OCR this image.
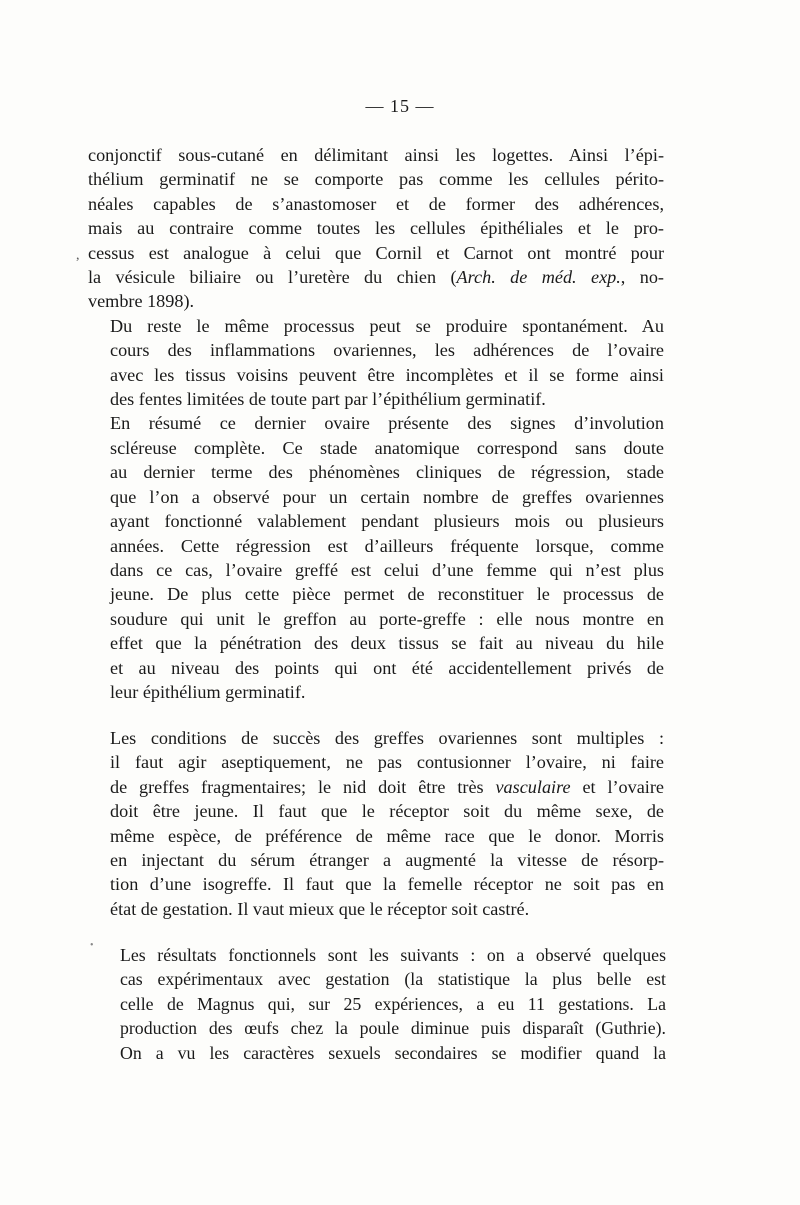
— 15 —
,

conjonctif sous-cutané en délimitant ainsi les logettes. Ainsi l’épi-
thélium germinatif ne se comporte pas comme les cellules périto-
néales capables de s’anastomoser et de former des adhérences,
mais au contraire comme toutes les cellules épithéliales et le pro-
cessus est analogue à celui que Cornil et Carnot ont montré pour
la vésicule biliaire ou l’uretère du chien (Arch. de méd. exp., no-
vembre 1898).

Du reste le même processus peut se produire spontanément. Au
cours des inflammations ovariennes, les adhérences de l’ovaire
avec les tissus voisins peuvent être incomplètes et il se forme ainsi
des fentes limitées de toute part par l’épithélium germinatif.

En résumé ce dernier ovaire présente des signes d’involution
scléreuse complète. Ce stade anatomique correspond sans doute
au dernier terme des phénomènes cliniques de régression, stade
que l’on a observé pour un certain nombre de greffes ovariennes
ayant fonctionné valablement pendant plusieurs mois ou plusieurs
années. Cette régression est d’ailleurs fréquente lorsque, comme
dans ce cas, l’ovaire greffé est celui d’une femme qui n’est plus
jeune. De plus cette pièce permet de reconstituer le processus de
soudure qui unit le greffon au porte-greffe : elle nous montre en
effet que la pénétration des deux tissus se fait au niveau du hile
et au niveau des points qui ont été accidentellement privés de
leur épithélium germinatif.

Les conditions de succès des greffes ovariennes sont multiples :
il faut agir aseptiquement, ne pas contusionner l’ovaire, ni faire
de greffes fragmentaires; le nid doit être très vasculaire et l’ovaire
doit être jeune. Il faut que le réceptor soit du même sexe, de
même espèce, de préférence de même race que le donor. Morris
en injectant du sérum étranger a augmenté la vitesse de résorp-
tion d’une isogreffe. Il faut que la femelle réceptor ne soit pas en
état de gestation. Il vaut mieux que le réceptor soit castré.

•	Les résultats fonctionnels sont les suivants : on a observé quelques
cas expérimentaux avec gestation (la statistique la plus belle est
celle de Magnus qui, sur 25 expériences, a eu 11 gestations. La
production des œufs chez la poule diminue puis disparaît (Guthrie).
On a vu les caractères sexuels secondaires se modifier quand la
